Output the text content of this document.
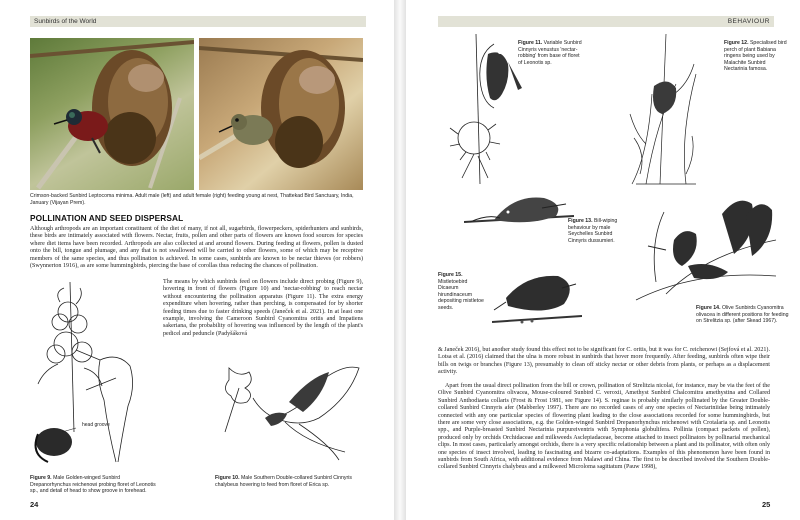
Sunbirds of the World

Crimson-backed Sunbird Leptocoma minima. Adult male (left) and adult female (right) feeding young at nest, Thattekad Bird Sanctuary, India, January (Vijayan Prem).

POLLINATION AND SEED DISPERSAL

Although arthropods are an important constituent of the diet of many, if not all, sugarbirds, flowerpeckers, spiderhunters and sunbirds, these birds are intimately associated with flowers. Nectar, fruits, pollen and other parts of flowers are known food sources for species where diet items have been recorded. Arthropods are also collected at and around flowers. During feeding at flowers, pollen is dusted onto the bill, tongue and plumage, and any that is not swallowed will be carried to other flowers, some of which may be receptive members of the same species, and thus pollination is achieved. In some cases, sunbirds are known to be nectar thieves (or robbers) (Swynnerton 1916), as are some hummingbirds, piercing the base of corollas thus reducing the chances of pollination.

head groove

Figure 9. Male Golden-winged Sunbird Drepanorhynchus reichenowi probing floret of Leonotis sp., and detail of head to show groove in forehead.

The means by which sunbirds feed on flowers include direct probing (Figure 9), hovering in front of flowers (Figure 10) and 'nectar-robbing' to reach nectar without encountering the pollination apparatus (Figure 11). The extra energy expenditure when hovering, rather than perching, is compensated for by shorter feeding times due to faster drinking speeds (Janeček et al. 2021). In at least one example, involving the Cameroon Sunbird Cyanomitra oritis and Impatiens sakeriana, the probability of hovering was influenced by the length of the plant's pedicel and peduncle (Padyšáková

Figure 10. Male Southern Double-collared Sunbird Cinnyris chalybeus hovering to feed from floret of Erica sp.

24

BEHAVIOUR

Figure 11. Variable Sunbird Cinnyris venustus 'nectar-robbing' from base of floret of Leonotis sp.

Figure 12. Specialised bird perch of plant Babiana ringens being used by Malachite Sunbird Nectarinia famosa.

Figure 13. Bill-wiping behaviour by male Seychelles Sunbird Cinnyris dussumieri.

Figure 15. Mistletoebird Dicaeum hirundinaceum depositing mistletoe seeds.	Figure 14. Olive Sunbirds Cyanomitra olivacea in different positions for feeding on Strelitzia sp. (after Skead 1967).

& Janeček 2016), but another study found this effect not to be significant for C. oritis, but it was for C. reichenowi (Sejfová et al. 2021). Lotsa et al. (2016) claimed that the ulna is more robust in sunbirds that hover more frequently. After feeding, sunbirds often wipe their bills on twigs or branches (Figure 13), presumably to clean off sticky nectar or other debris from plants, or perhaps as a displacement activity.

Apart from the usual direct pollination from the bill or crown, pollination of Strelitzia nicolai, for instance, may be via the feet of the Olive Sunbird Cyanomitra olivacea, Mouse-coloured Sunbird C. veroxii, Amethyst Sunbird Chalcomitra amethystina and Collared Sunbird Anthodiaeta collaris (Frost & Frost 1981, see Figure 14). S. reginae is probably similarly pollinated by the Greater Double-collared Sunbird Cinnyris afer (Mabberley 1997). There are no recorded cases of any one species of Nectariniidae being intimately connected with any one particular species of flowering plant leading to the close associations recorded for some hummingbirds, but there are some very close associations, e.g. the Golden-winged Sunbird Drepanorhynchus reichenowi with Crotalaria sp. and Leonotis spp., and Purple-breasted Sunbird Nectarinia purpureiventris with Symphonia globulifera. Pollinia (compact packets of pollen), produced only by orchids Orchidaceae and milkweeds Asclepiadaceae, become attached to insect pollinators by pollinarial mechanical clips. In most cases, particularly amongst orchids, there is a very specific relationship between a plant and its pollinator, with often only one species of insect involved, leading to fascinating and bizarre co-adaptations. Examples of this phenomenon have been found in sunbirds from South Africa, with additional evidence from Malawi and China. The first to be described involved the Southern Double-collared Sunbird Cinnyris chalybeus and a milkweed Microloma sagittatum (Pauw 1998),

25
